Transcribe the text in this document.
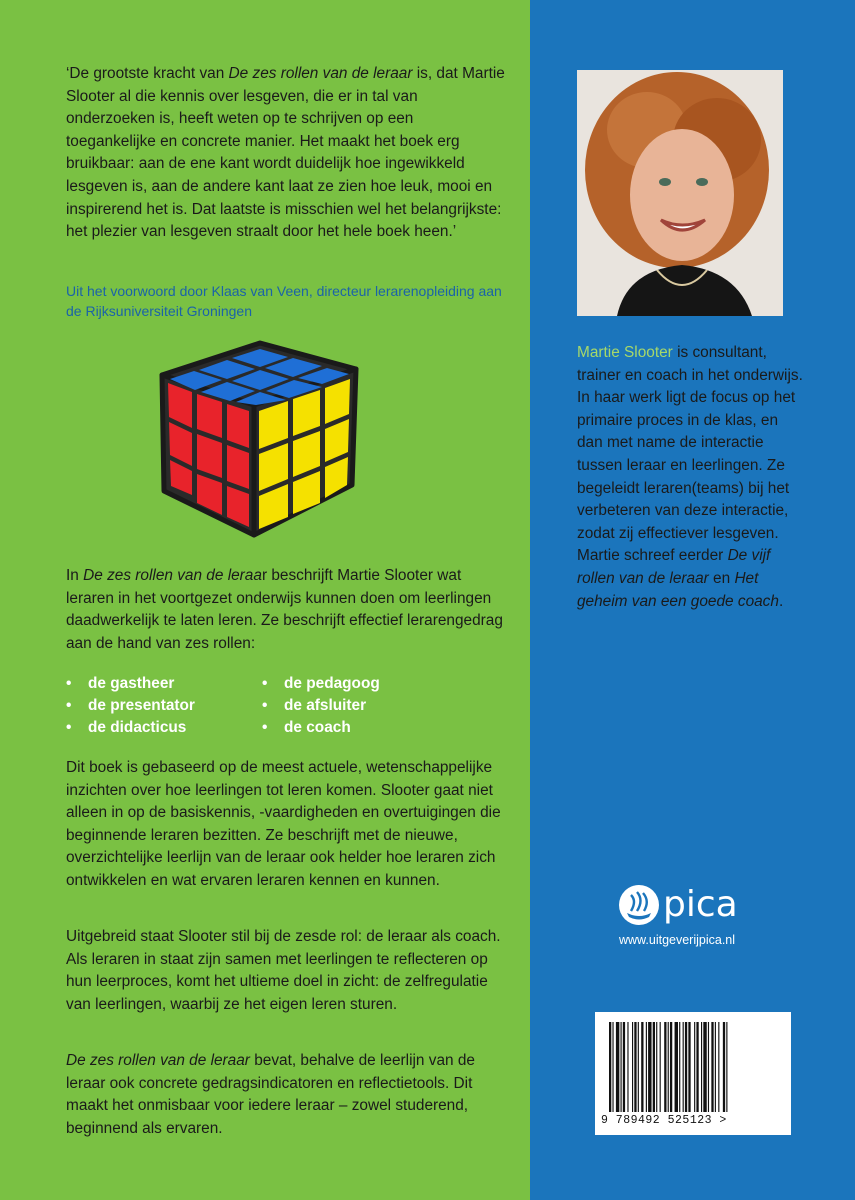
‘De grootste kracht van De zes rollen van de leraar is, dat Martie Slooter al die kennis over lesgeven, die er in tal van onderzoeken is, heeft weten op te schrijven op een toegankelijke en concrete manier. Het maakt het boek erg bruikbaar: aan de ene kant wordt duidelijk hoe ingewikkeld lesgeven is, aan de andere kant laat ze zien hoe leuk, mooi en inspirerend het is. Dat laatste is misschien wel het belangrijkste: het plezier van lesgeven straalt door het hele boek heen.’

Uit het voorwoord door Klaas van Veen, directeur lerarenopleiding aan de Rijksuniversiteit Groningen

In De zes rollen van de leraar beschrijft Martie Slooter wat leraren in het voortgezet onderwijs kunnen doen om leerlingen daadwerkelijk te laten leren. Ze beschrijft effectief lerarengedrag aan de hand van zes rollen:

• de gastheer
• de presentator
• de didacticus
• de pedagoog
• de afsluiter
• de coach

Dit boek is gebaseerd op de meest actuele, wetenschappelijke inzichten over hoe leerlingen tot leren komen. Slooter gaat niet alleen in op de basiskennis, -vaardigheden en overtuigingen die beginnende leraren bezitten. Ze beschrijft met de nieuwe, overzichtelijke leerlijn van de leraar ook helder hoe leraren zich ontwikkelen en wat ervaren leraren kennen en kunnen.

Uitgebreid staat Slooter stil bij de zesde rol: de leraar als coach. Als leraren in staat zijn samen met leerlingen te reflecteren op hun leerproces, komt het ultieme doel in zicht: de zelfregulatie van leerlingen, waarbij ze het eigen leren sturen.

De zes rollen van de leraar bevat, behalve de leerlijn van de leraar ook concrete gedragsindicatoren en reflectietools. Dit maakt het onmisbaar voor iedere leraar – zowel studerend, beginnend als ervaren.

Martie Slooter is consultant, trainer en coach in het onderwijs. In haar werk ligt de focus op het primaire proces in de klas, en dan met name de interactie tussen leraar en leerlingen. Ze begeleidt leraren(teams) bij het verbeteren van deze interactie, zodat zij effectiever lesgeven.
Martie schreef eerder De vijf rollen van de leraar en Het geheim van een goede coach.
pica
www.uitgeverijpica.nl
9 789492 525123 >
